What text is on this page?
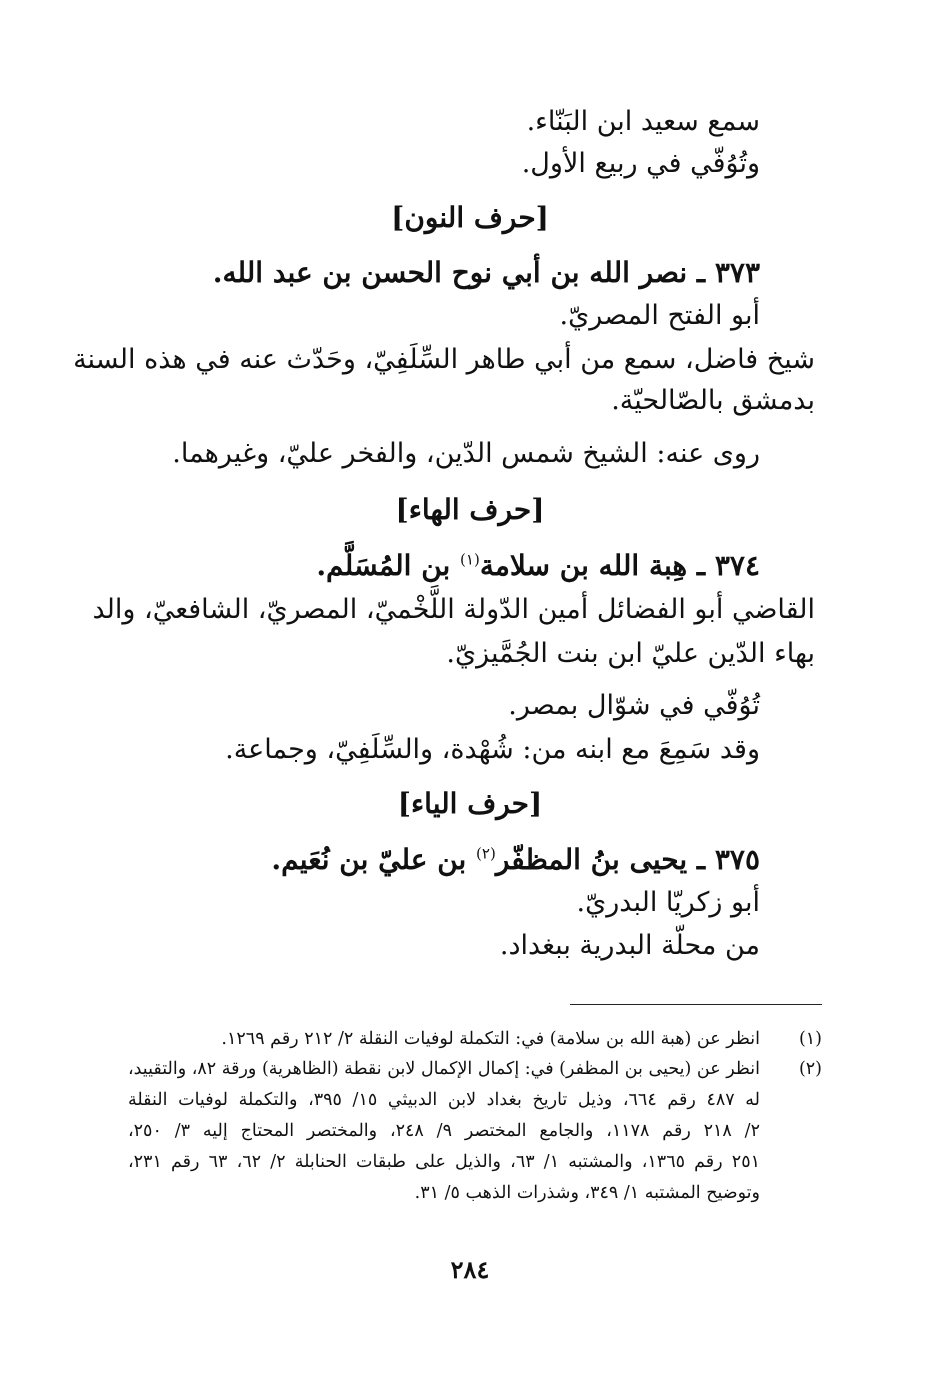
سمع سعيد ابن البَنّاء.
وتُوُفّي في ربيع الأول.
[حرف النون]
٣٧٣ ـ نصر الله بن أبي نوح الحسن بن عبد الله.
أبو الفتح المصريّ.
شيخ فاضل، سمع من أبي طاهر السِّلَفِيّ، وحَدّث عنه في هذه السنة
بدمشق بالصّالحيّة.
روى عنه: الشيخ شمس الدّين، والفخر عليّ، وغيرهما.
[حرف الهاء]
٣٧٤ ـ هِبة الله بن سلامة$^{(١)}$ بن المُسَلَّم.
القاضي أبو الفضائل أمين الدّولة اللَّخْميّ، المصريّ، الشافعيّ، والد
بهاء الدّين عليّ ابن بنت الجُمَّيزيّ.
تُوُفّي في شوّال بمصر.
وقد سَمِعَ مع ابنه من: شُهْدة، والسِّلَفِيّ، وجماعة.
[حرف الياء]
٣٧٥ ـ يحيى بنُ المظفّر$^{(٢)}$ بن عليّ بن نُعَيم.
أبو زكريّا البدريّ.
من محلّة البدرية ببغداد.
(١)
انظر عن (هبة الله بن سلامة) في: التكملة لوفيات النقلة ٢/ ٢١٢ رقم ١٢٦٩.
(٢)
انظر عن (يحيى بن المظفر) في: إكمال الإكمال لابن نقطة (الظاهرية) ورقة ٨٢، والتقييد،
له ٤٨٧ رقم ٦٦٤، وذيل تاريخ بغداد لابن الدبيثي ١٥/ ٣٩٥، والتكملة لوفيات النقلة
٢/ ٢١٨ رقم ١١٧٨، والجامع المختصر ٩/ ٢٤٨، والمختصر المحتاج إليه ٣/ ٢٥٠،
٢٥١ رقم ١٣٦٥، والمشتبه ١/ ٦٣، والذيل على طبقات الحنابلة ٢/ ٦٢، ٦٣ رقم ٢٣١،
وتوضيح المشتبه ١/ ٣٤٩، وشذرات الذهب ٥/ ٣١.
٢٨٤
